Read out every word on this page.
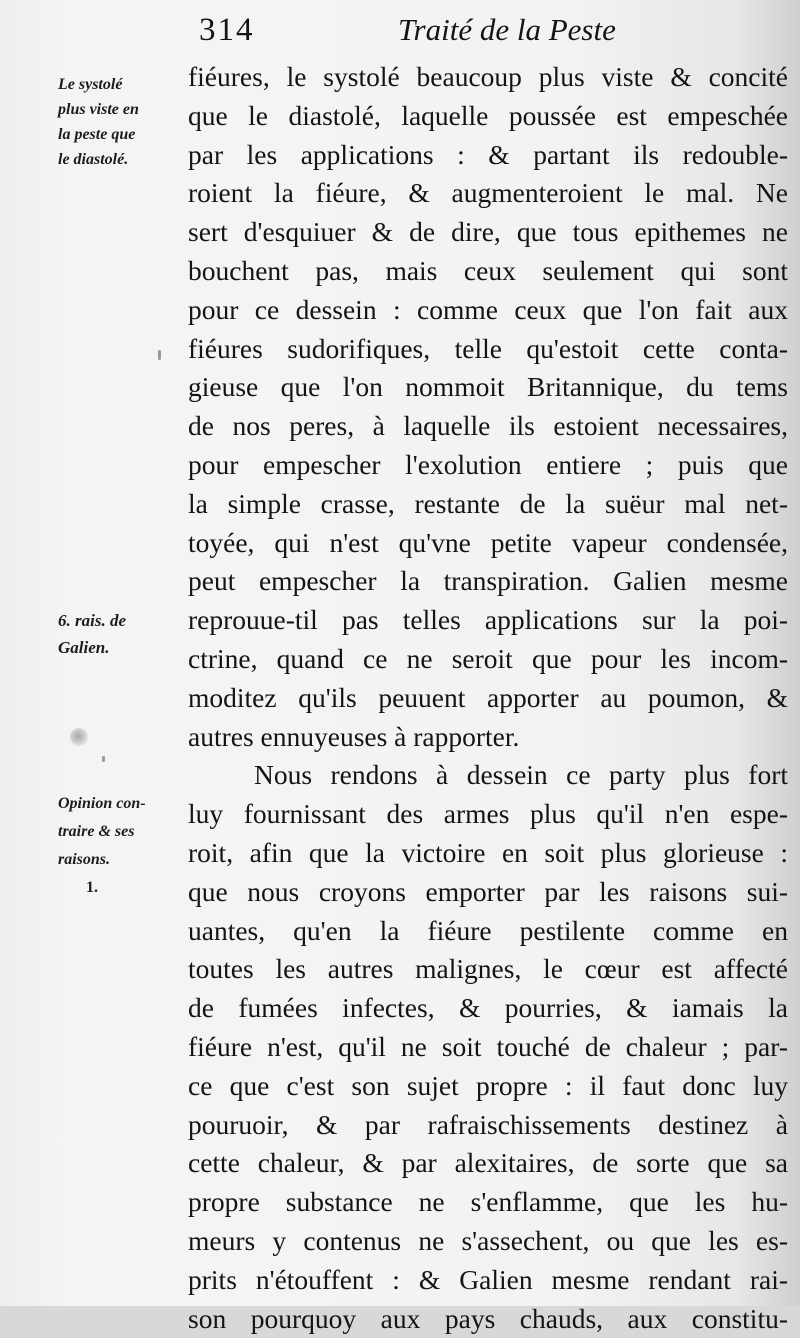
314	Traité de la Peste
Le systolé
plus viste en
la peste que
le diastolé.
6. rais. de
Galien.
Opinion con-
traire & ses
raisons.
1.
fiéures, le systolé beaucoup plus viste & concité
que le diastolé, laquelle poussée est empeschée
par les applications : & partant ils redouble-
roient la fiéure, & augmenteroient le mal. Ne
sert d'esquiuer & de dire, que tous epithemes ne
bouchent pas, mais ceux seulement qui sont
pour ce dessein : comme ceux que l'on fait aux
fiéures sudorifiques, telle qu'estoit cette conta-
gieuse que l'on nommoit Britannique, du tems
de nos peres, à laquelle ils estoient necessaires,
pour empescher l'exolution entiere ; puis que
la simple crasse, restante de la suëur mal net-
toyée, qui n'est qu'vne petite vapeur condensée,
peut empescher la transpiration. Galien mesme
reprouue-til pas telles applications sur la poi-
ctrine, quand ce ne seroit que pour les incom-
moditez qu'ils peuuent apporter au poumon, &
autres ennuyeuses à rapporter.
Nous rendons à dessein ce party plus fort
luy fournissant des armes plus qu'il n'en espe-
roit, afin que la victoire en soit plus glorieuse :
que nous croyons emporter par les raisons sui-
uantes, qu'en la fiéure pestilente comme en
toutes les autres malignes, le cœur est affecté
de fumées infectes, & pourries, & iamais la
fiéure n'est, qu'il ne soit touché de chaleur ; par-
ce que c'est son sujet propre : il faut donc luy
pouruoir, & par rafraischissements destinez à
cette chaleur, & par alexitaires, de sorte que sa
propre substance ne s'enflamme, que les hu-
meurs y contenus ne s'assechent, ou que les es-
prits n'étouffent : & Galien mesme rendant rai-
son pourquoy aux pays chauds, aux constitu-
